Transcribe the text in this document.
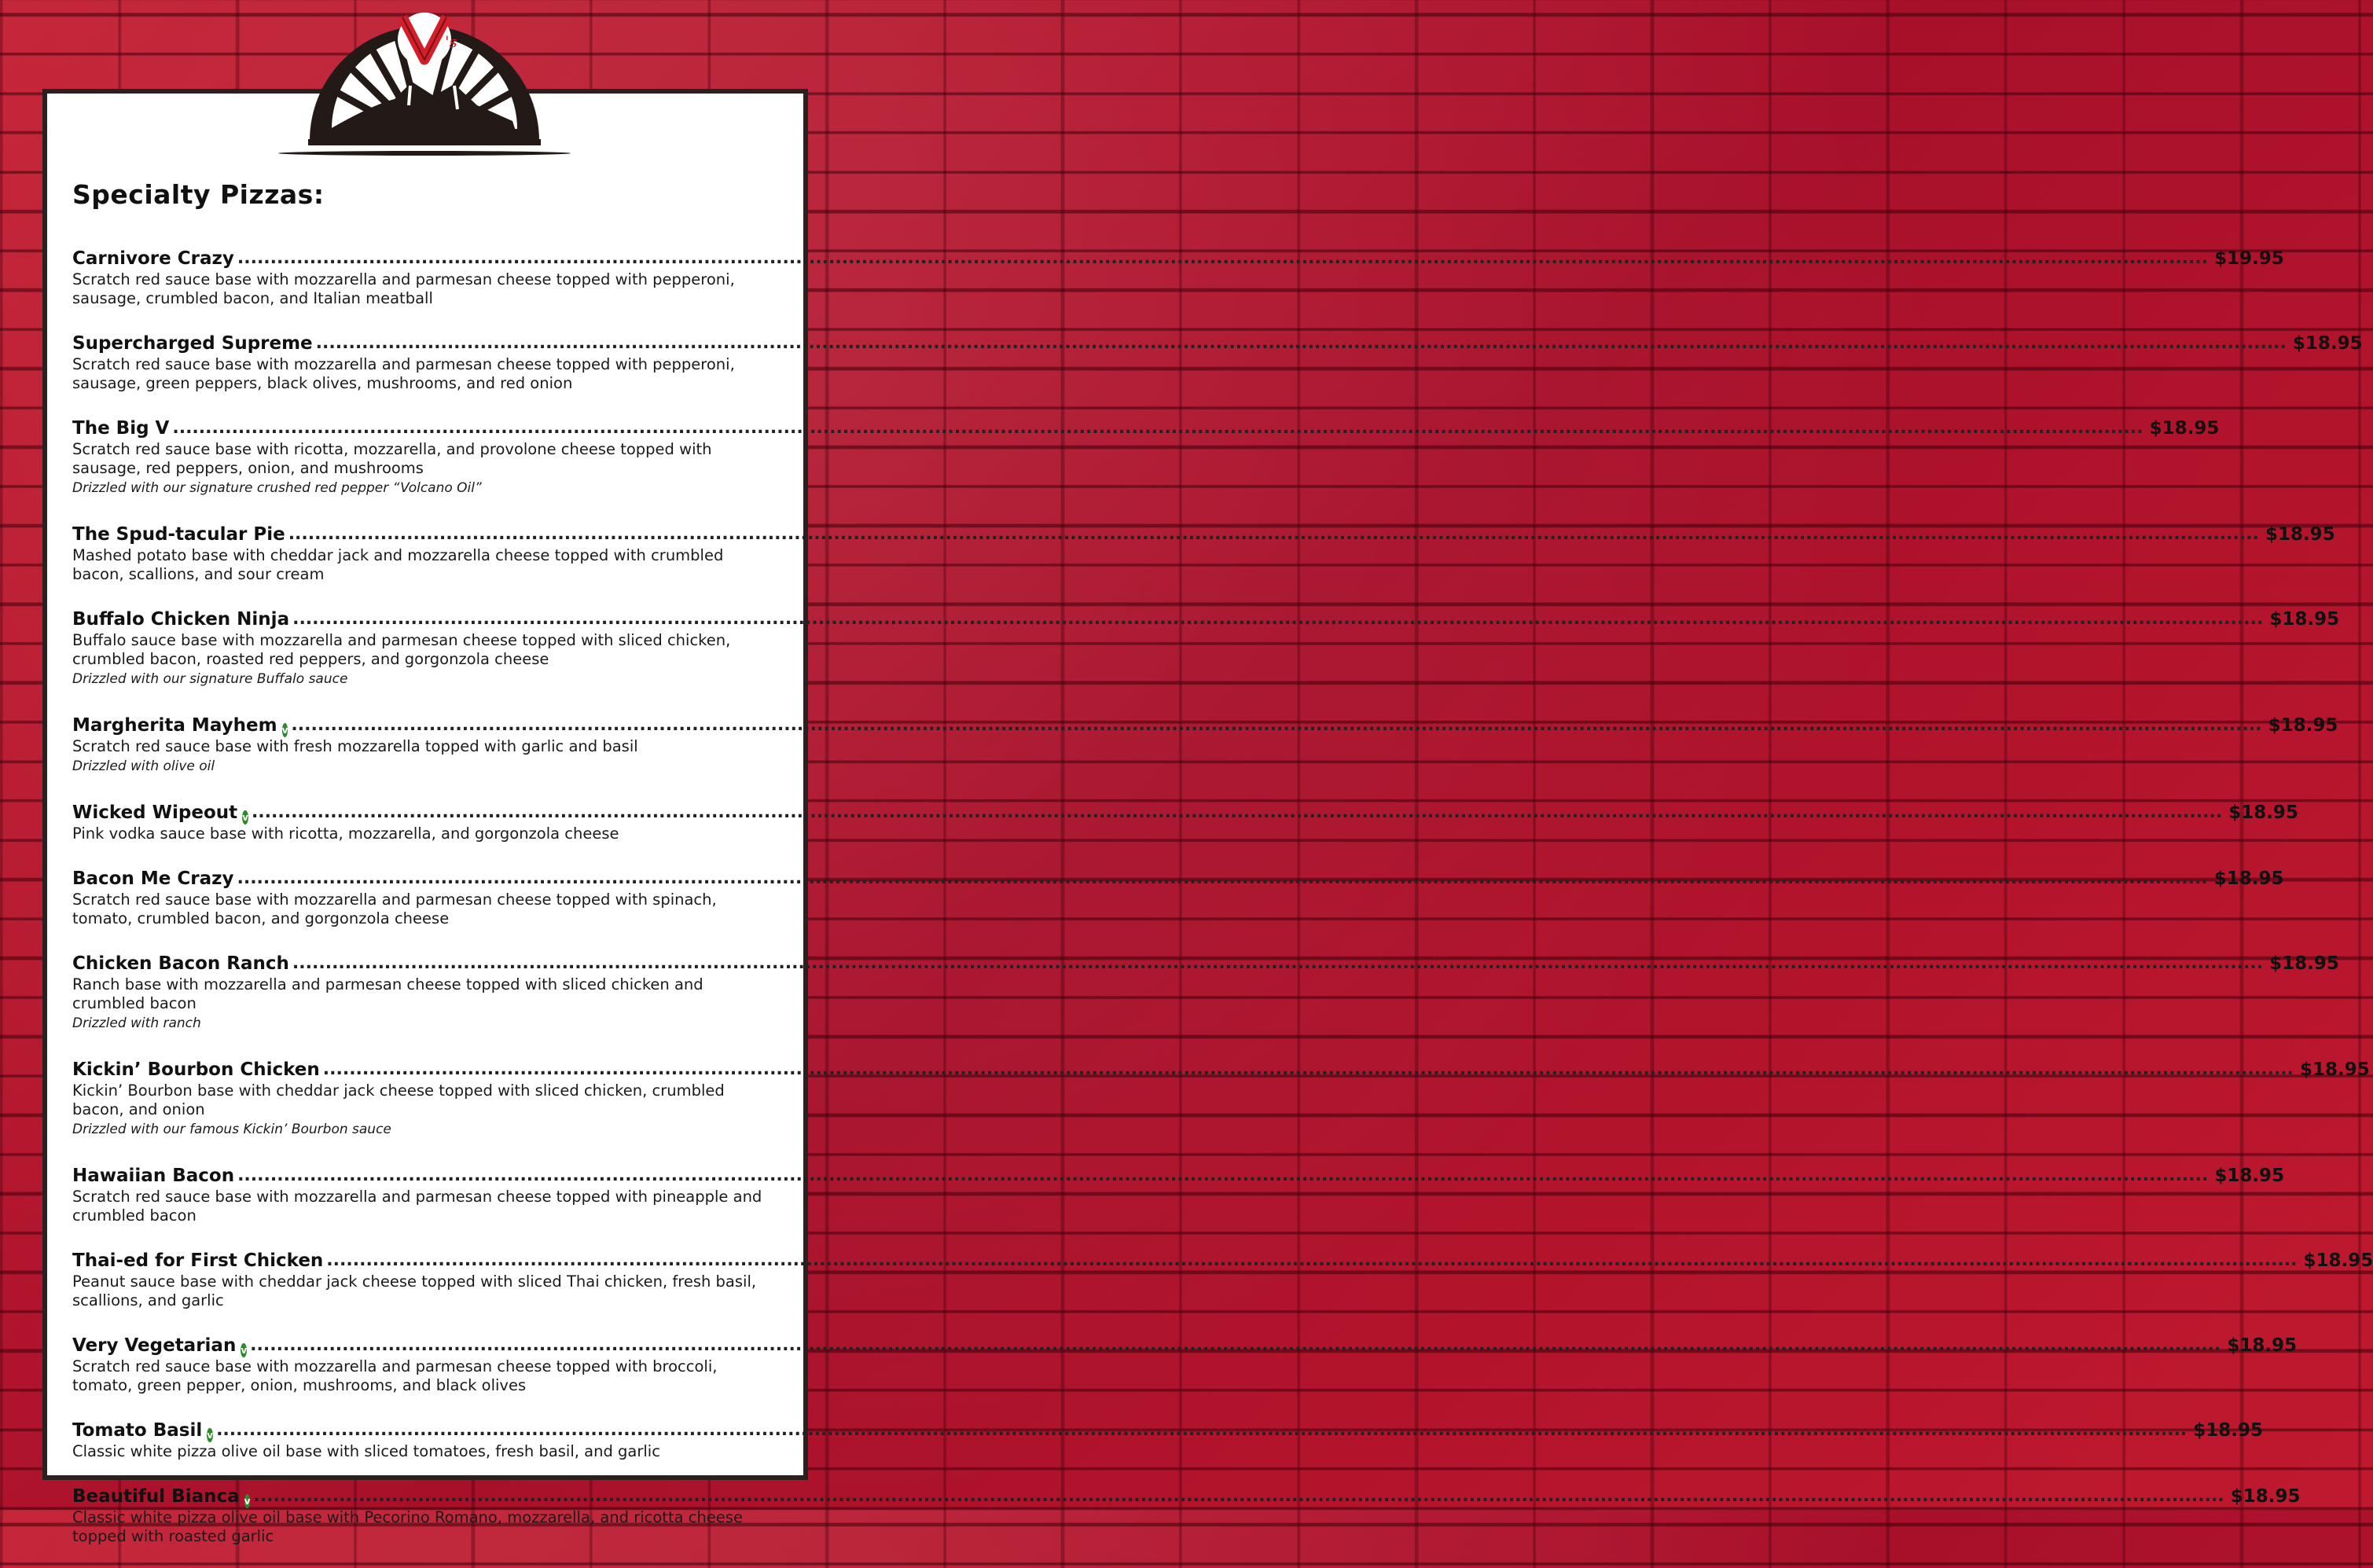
's
Specialty Pizzas:
Carnivore Crazy ............................................................................................................................................................................................................................................................................................................ $19.95

Scratch red sauce base with mozzarella and parmesan cheese topped with pepperoni, sausage, crumbled bacon, and Italian meatball

Supercharged Supreme ............................................................................................................................................................................................................................................................................................................ $18.95

Scratch red sauce base with mozzarella and parmesan cheese topped with pepperoni, sausage, green peppers, black olives, mushrooms, and red onion

The Big V ............................................................................................................................................................................................................................................................................................................ $18.95

Scratch red sauce base with ricotta, mozzarella, and provolone cheese topped with sausage, red peppers, onion, and mushrooms

Drizzled with our signature crushed red pepper “Volcano Oil”

The Spud-tacular Pie ............................................................................................................................................................................................................................................................................................................ $18.95

Mashed potato base with cheddar jack and mozzarella cheese topped with crumbled bacon, scallions, and sour cream

Buffalo Chicken Ninja ............................................................................................................................................................................................................................................................................................................ $18.95

Buffalo sauce base with mozzarella and parmesan cheese topped with sliced chicken, crumbled bacon, roasted red peppers, and gorgonzola cheese

Drizzled with our signature Buffalo sauce

Margherita Mayhem v ............................................................................................................................................................................................................................................................................................................ $18.95

Scratch red sauce base with fresh mozzarella topped with garlic and basil

Drizzled with olive oil

Wicked Wipeout v ............................................................................................................................................................................................................................................................................................................ $18.95

Pink vodka sauce base with ricotta, mozzarella, and gorgonzola cheese

Bacon Me Crazy ............................................................................................................................................................................................................................................................................................................ $18.95

Scratch red sauce base with mozzarella and parmesan cheese topped with spinach, tomato, crumbled bacon, and gorgonzola cheese

Chicken Bacon Ranch ............................................................................................................................................................................................................................................................................................................ $18.95

Ranch base with mozzarella and parmesan cheese topped with sliced chicken and crumbled bacon

Drizzled with ranch

Kickin’ Bourbon Chicken ............................................................................................................................................................................................................................................................................................................ $18.95

Kickin’ Bourbon base with cheddar jack cheese topped with sliced chicken, crumbled bacon, and onion

Drizzled with our famous Kickin’ Bourbon sauce

Hawaiian Bacon ............................................................................................................................................................................................................................................................................................................ $18.95

Scratch red sauce base with mozzarella and parmesan cheese topped with pineapple and crumbled bacon

Thai-ed for First Chicken ............................................................................................................................................................................................................................................................................................................ $18.95

Peanut sauce base with cheddar jack cheese topped with sliced Thai chicken, fresh basil, scallions, and garlic

Very Vegetarian v ............................................................................................................................................................................................................................................................................................................ $18.95

Scratch red sauce base with mozzarella and parmesan cheese topped with broccoli, tomato, green pepper, onion, mushrooms, and black olives

Tomato Basil v ............................................................................................................................................................................................................................................................................................................ $18.95

Classic white pizza olive oil base with sliced tomatoes, fresh basil, and garlic

Beautiful Bianca v ............................................................................................................................................................................................................................................................................................................ $18.95

Classic white pizza olive oil base with Pecorino Romano, mozzarella, and ricotta cheese topped with roasted garlic
